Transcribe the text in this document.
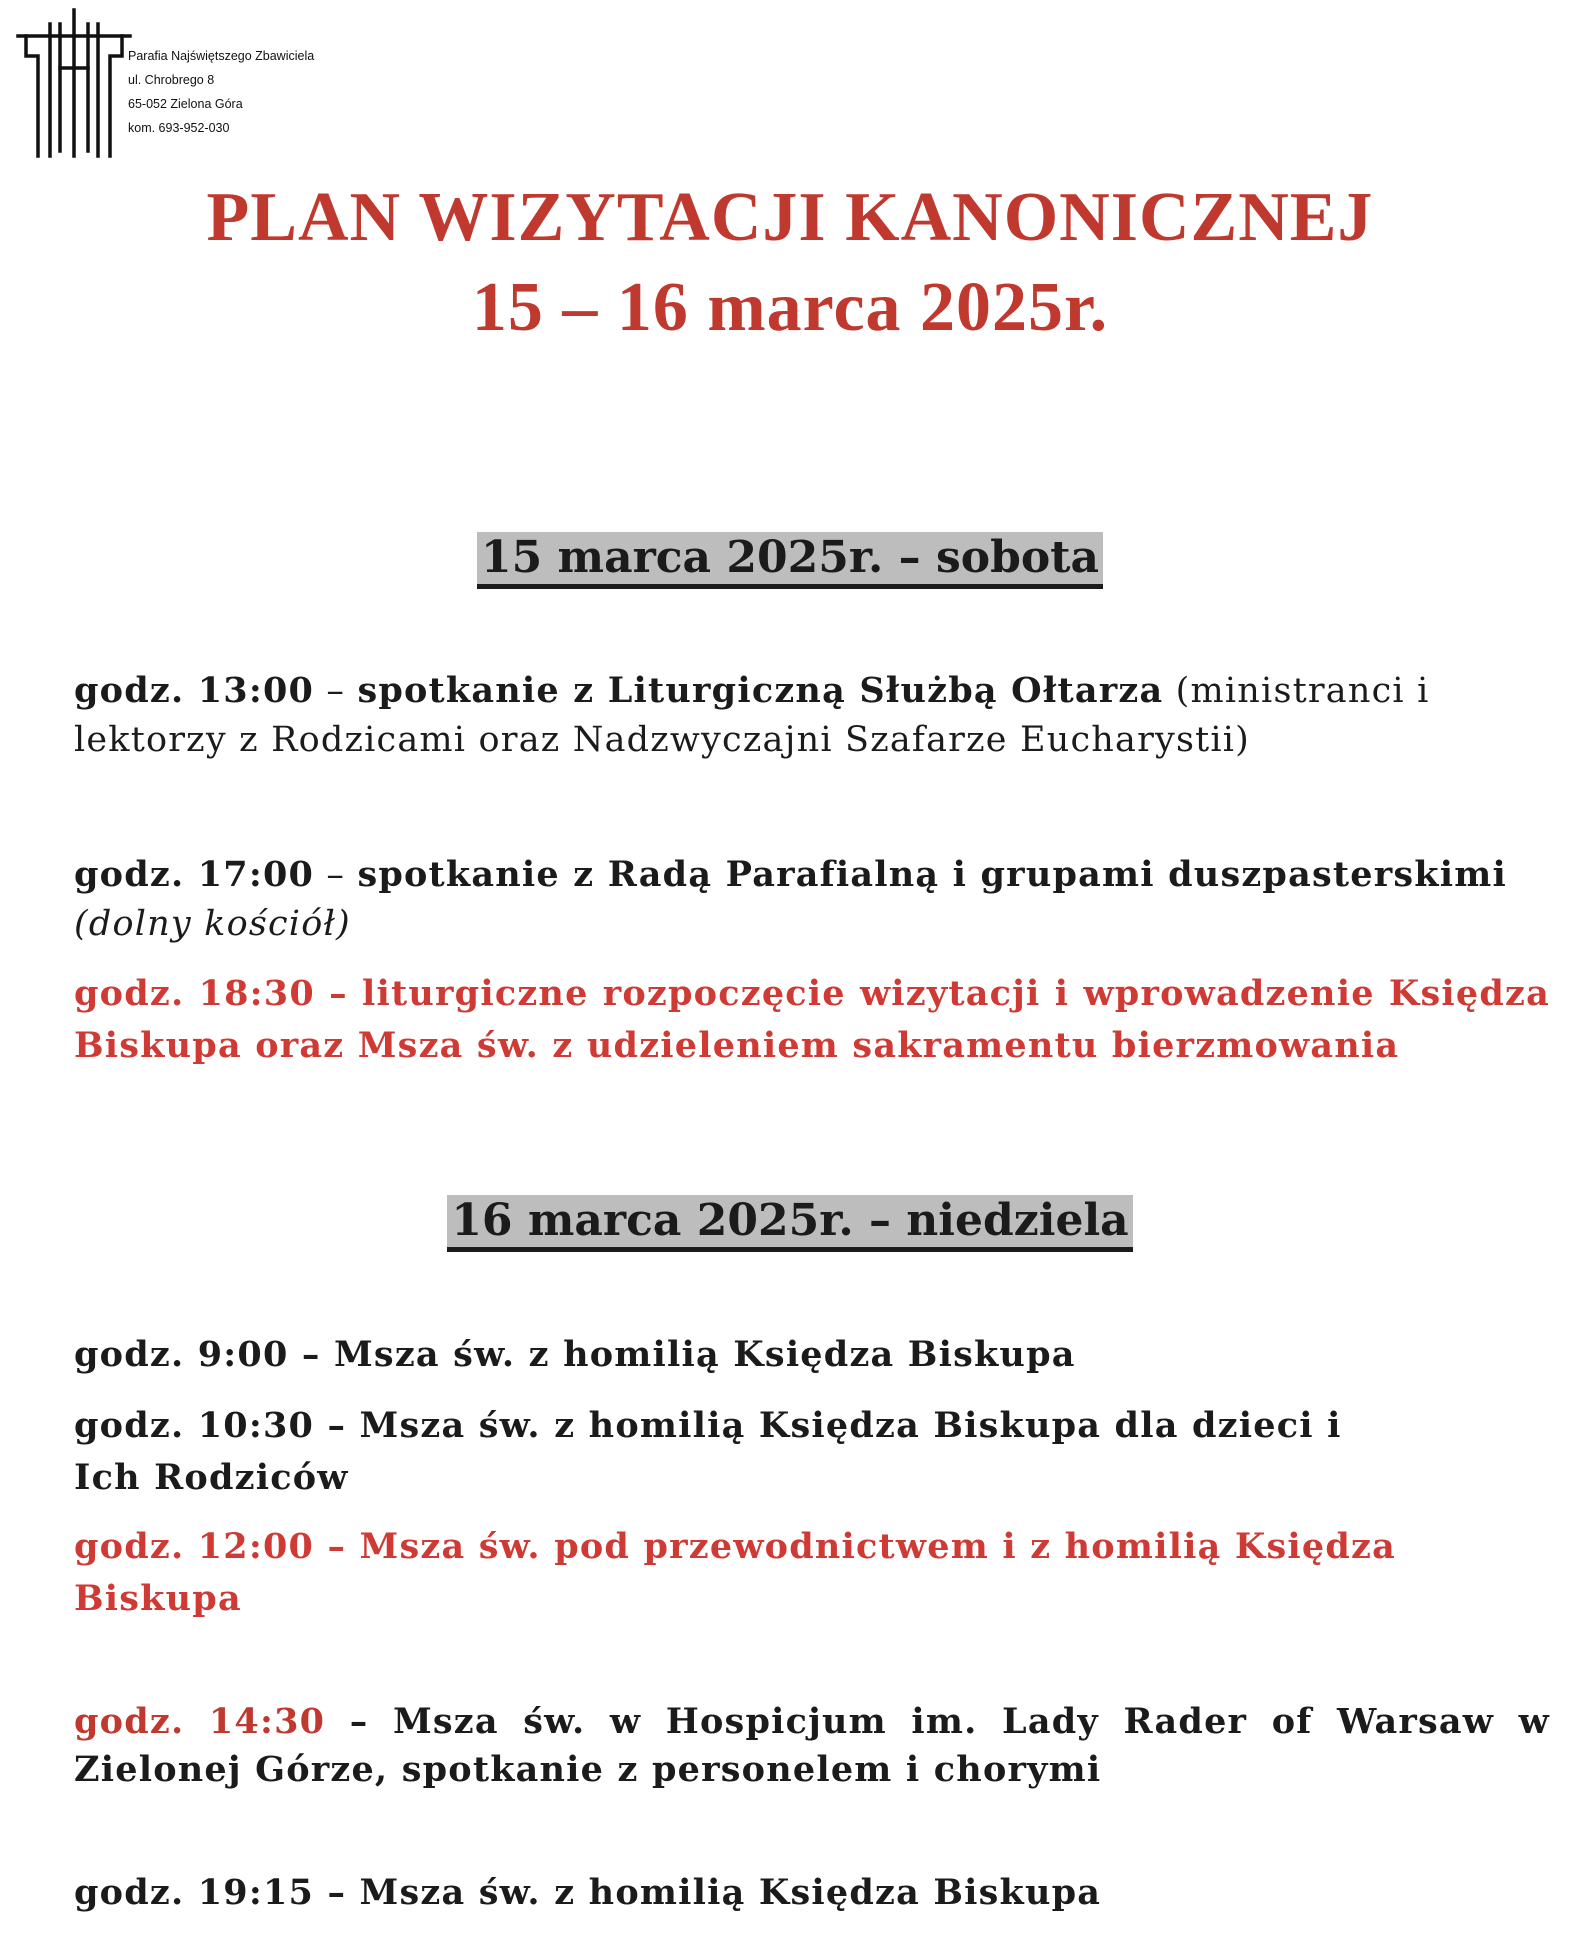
Parafia Najświętszego Zbawiciela
ul. Chrobrego 8
65-052 Zielona Góra
kom. 693-952-030
PLAN WIZYTACJI KANONICZNEJ
15 – 16 marca 2025r.
15 marca 2025r. – sobota
godz. 13:00 – spotkanie z Liturgiczną Służbą Ołtarza (ministranci i lektorzy z Rodzicami oraz Nadzwyczajni Szafarze Eucharystii)
godz. 17:00 – spotkanie z Radą Parafialną i grupami duszpasterskimi
(dolny kościół)
godz. 18:30 – liturgiczne rozpoczęcie wizytacji i wprowadzenie Księdza Biskupa oraz Msza św. z udzieleniem sakramentu bierzmowania
16 marca 2025r. – niedziela
godz. 9:00 – Msza św. z homilią Księdza Biskupa
godz. 10:30 – Msza św. z homilią Księdza Biskupa dla dzieci i Ich Rodziców
godz. 12:00 – Msza św. pod przewodnictwem i z homilią Księdza Biskupa
godz. 14:30 – Msza św. w Hospicjum im. Lady Rader of Warsaw w Zielonej Górze, spotkanie z personelem i chorymi
godz. 19:15 – Msza św. z homilią Księdza Biskupa
